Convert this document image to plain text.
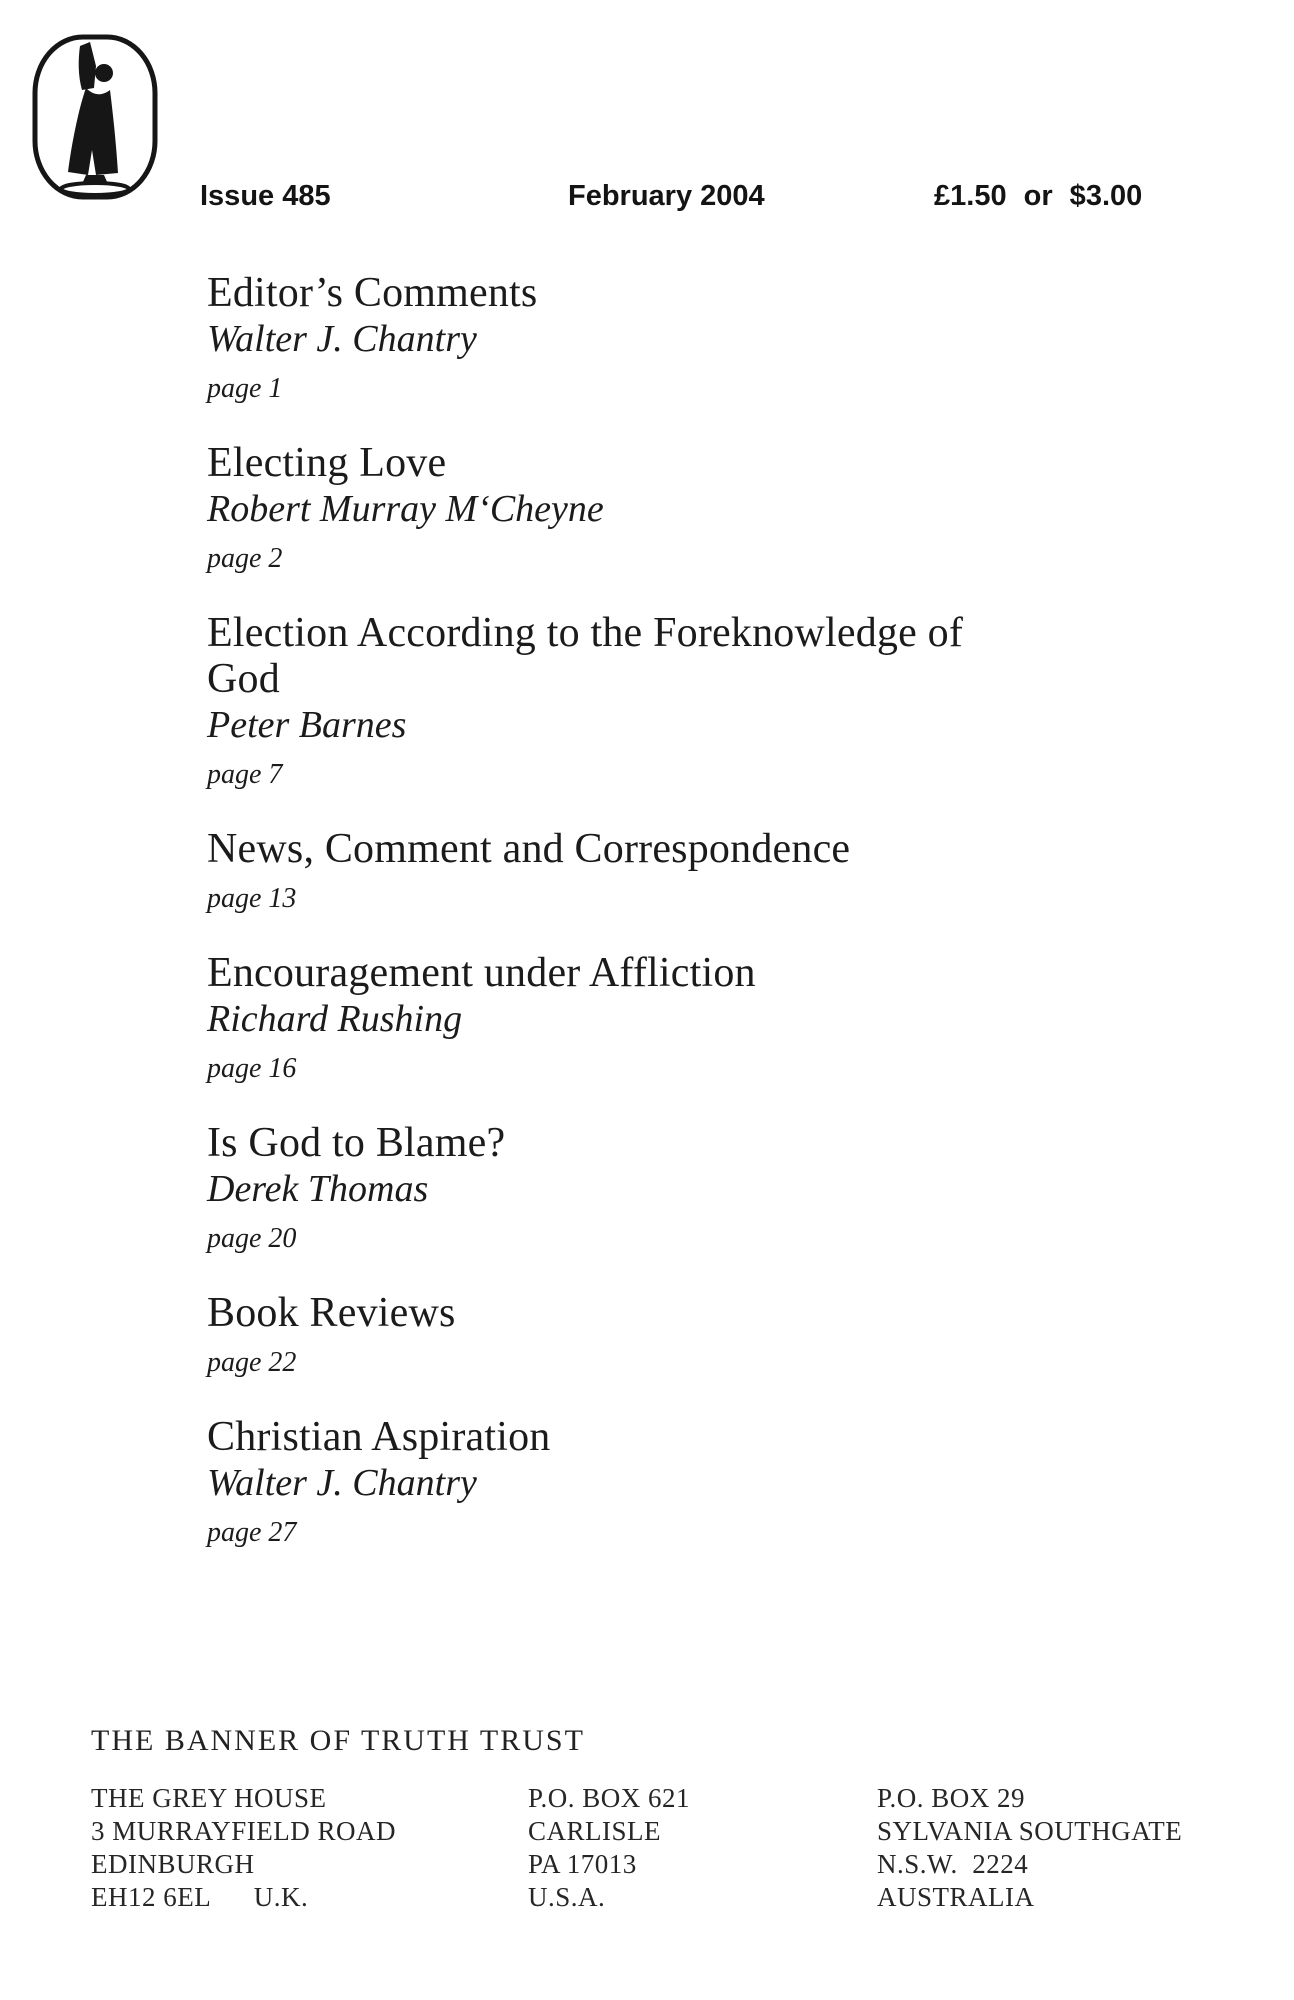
Issue 485	February 2004	£1.50 or $3.00
Editor’s Comments
Walter J. Chantry
page 1
Electing Love
Robert Murray M‘Cheyne
page 2
Election According to the Foreknowledge of God
Peter Barnes
page 7
News, Comment and Correspondence
page 13
Encouragement under Affliction
Richard Rushing
page 16
Is God to Blame?
Derek Thomas
page 20
Book Reviews
page 22
Christian Aspiration
Walter J. Chantry
page 27
THE BANNER OF TRUTH TRUST
THE GREY HOUSE
3 MURRAYFIELD ROAD
EDINBURGH
EH12 6EL      U.K.
P.O. BOX 621
CARLISLE
PA 17013
U.S.A.
P.O. BOX 29
SYLVANIA SOUTHGATE
N.S.W.  2224
AUSTRALIA
